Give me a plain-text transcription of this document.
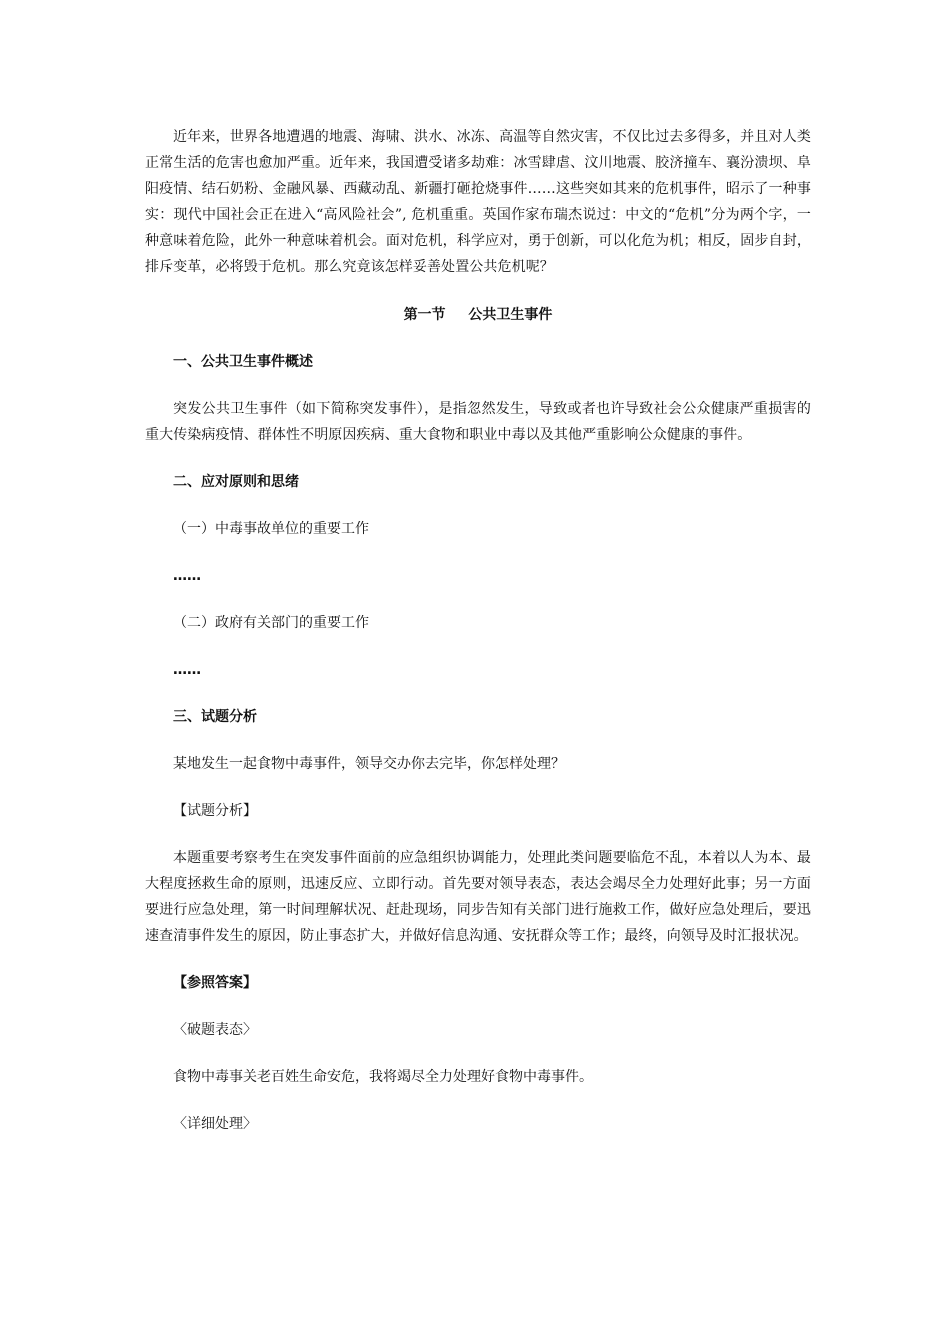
近年来，世界各地遭遇的地震、海啸、洪水、冰冻、高温等自然灾害，不仅比过去多得多，并且对人类正常生活的危害也愈加严重。近年来，我国遭受诸多劫难：冰雪肆虐、汶川地震、胶济撞车、襄汾溃坝、阜阳疫情、结石奶粉、金融风暴、西藏动乱、新疆打砸抢烧事件……这些突如其来的危机事件，昭示了一种事实：现代中国社会正在进入“高风险社会”, 危机重重。英国作家布瑞杰说过：中文的“危机”分为两个字，一种意味着危险，此外一种意味着机会。面对危机，科学应对，勇于创新，可以化危为机；相反，固步自封，排斥变革，必将毁于危机。那么究竟该怎样妥善处置公共危机呢？

第一节 公共卫生事件

一、公共卫生事件概述

突发公共卫生事件（如下简称突发事件），是指忽然发生，导致或者也许导致社会公众健康严重损害的重大传染病疫情、群体性不明原因疾病、重大食物和职业中毒以及其他严重影响公众健康的事件。

二、应对原则和思绪

（一）中毒事故单位的重要工作

……

（二）政府有关部门的重要工作

……

三、试题分析

某地发生一起食物中毒事件，领导交办你去完毕，你怎样处理？

【试题分析】

本题重要考察考生在突发事件面前的应急组织协调能力，处理此类问题要临危不乱，本着以人为本、最大程度拯救生命的原则，迅速反应、立即行动。首先要对领导表态，表达会竭尽全力处理好此事；另一方面要进行应急处理，第一时间理解状况、赶赴现场，同步告知有关部门进行施救工作，做好应急处理后，要迅速查清事件发生的原因，防止事态扩大，并做好信息沟通、安抚群众等工作；最终，向领导及时汇报状况。

【参照答案】

〈破题表态〉

食物中毒事关老百姓生命安危，我将竭尽全力处理好食物中毒事件。

〈详细处理〉
